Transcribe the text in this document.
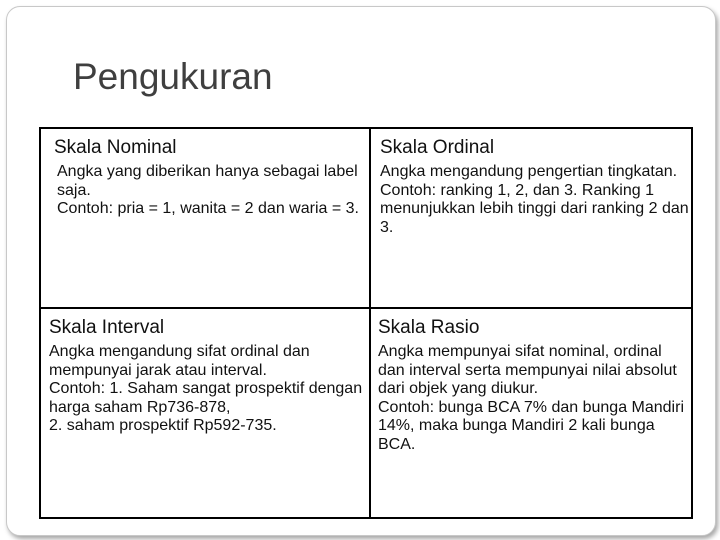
Pengukuran
Skala Nominal

Angka yang diberikan hanya sebagai label saja.

Contoh: pria = 1, wanita = 2 dan waria = 3.

Skala Ordinal

Angka mengandung pengertian tingkatan.

Contoh: ranking 1, 2, dan 3. Ranking 1 menunjukkan lebih tinggi dari ranking 2 dan 3.

Skala Interval

Angka mengandung sifat ordinal dan mempunyai jarak atau interval.

Contoh: 1. Saham sangat prospektif dengan harga saham Rp736-878,

2. saham prospektif Rp592-735.

Skala Rasio

Angka mempunyai sifat nominal, ordinal dan interval serta mempunyai nilai absolut dari objek yang diukur.

Contoh: bunga BCA 7% dan bunga Mandiri 14%, maka bunga Mandiri 2 kali bunga BCA.
